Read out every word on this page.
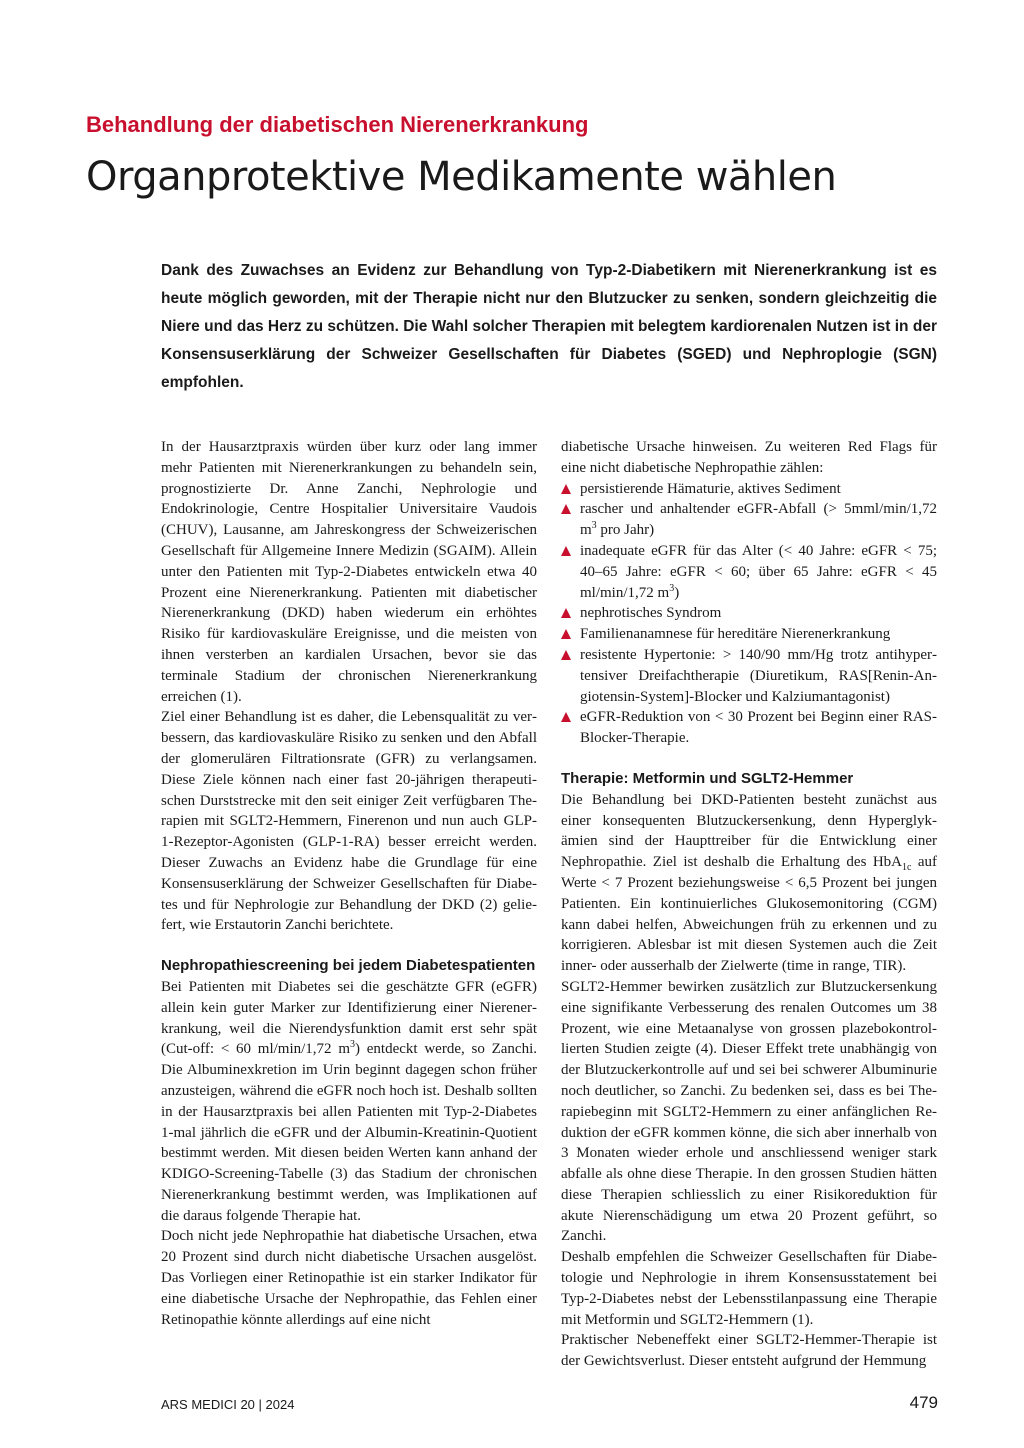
Behandlung der diabetischen Nierenerkrankung
Organprotektive Medikamente wählen

Dank des Zuwachses an Evidenz zur Behandlung von Typ-2-Diabetikern mit Nierenerkrankung ist es heute möglich geworden, mit der Therapie nicht nur den Blutzucker zu senken, sondern gleichzeitig die Niere und das Herz zu schützen. Die Wahl solcher Therapien mit belegtem kardiorenalen Nutzen ist in der Konsensuserklärung der Schweizer Gesellschaften für Diabetes (SGED) und Nephroplogie (SGN) empfohlen.

In der Hausarztpraxis würden über kurz oder lang immer mehr Patienten mit Nierenerkrankungen zu behandeln sein, prognostizierte Dr. Anne Zanchi, Nephrologie und Endokrinologie, Centre Hospitalier Universitaire Vaudois (CHUV), Lausanne, am Jahreskongress der Schweizerischen Gesellschaft für Allgemeine Innere Medizin (SGAIM). Allein unter den Patienten mit Typ-2-Diabetes entwickeln etwa 40 Prozent eine Nierenerkrankung. Patienten mit diabetischer Nierenerkrankung (DKD) haben wiederum ein erhöhtes Risiko für kardiovaskuläre Ereignisse, und die meisten von ihnen versterben an kardialen Ursachen, bevor sie das terminale Stadium der chronischen Nierenerkrankung erreichen (1).

Ziel einer Behandlung ist es daher, die Lebensqualität zu verbessern, das kardiovaskuläre Risiko zu senken und den Abfall der glomerulären Filtrationsrate (GFR) zu verlangsamen. Diese Ziele können nach einer fast 20-jährigen therapeutischen Durststrecke mit den seit einiger Zeit verfügbaren Therapien mit SGLT2-Hemmern, Finerenon und nun auch GLP-1-Rezeptor-Agonisten (GLP-1-RA) besser erreicht werden. Dieser Zuwachs an Evidenz habe die Grundlage für eine Konsensuserklärung der Schweizer Gesellschaften für Diabetes und für Nephrologie zur Behandlung der DKD (2) geliefert, wie Erstautorin Zanchi berichtete.

Nephropathiescreening bei jedem Diabetespatienten

Bei Patienten mit Diabetes sei die geschätzte GFR (eGFR) allein kein guter Marker zur Identifizierung einer Nierenerkrankung, weil die Nierendysfunktion damit erst sehr spät (Cut-off: < 60 ml/min/1,72 $m^3$) entdeckt werde, so Zanchi. Die Albuminexkretion im Urin beginnt dagegen schon früher anzusteigen, während die eGFR noch hoch ist. Deshalb sollten in der Hausarztpraxis bei allen Patienten mit Typ-2-Diabetes 1-mal jährlich die eGFR und der Albumin-Kreatinin-Quotient bestimmt werden. Mit diesen beiden Werten kann anhand der KDIGO-Screening-Tabelle (3) das Stadium der chronischen Nierenerkrankung bestimmt werden, was Implikationen auf die daraus folgende Therapie hat.

Doch nicht jede Nephropathie hat diabetische Ursachen, etwa 20 Prozent sind durch nicht diabetische Ursachen ausgelöst. Das Vorliegen einer Retinopathie ist ein starker Indikator für eine diabetische Ursache der Nephropathie, das Fehlen einer Retinopathie könnte allerdings auf eine nicht

diabetische Ursache hinweisen. Zu weiteren Red Flags für eine nicht diabetische Nephropathie zählen:

persistierende Hämaturie, aktives Sediment
rascher und anhaltender eGFR-Abfall (> 5mml/min/1,72 $m^3$ pro Jahr)
inadequate eGFR für das Alter (< 40 Jahre: eGFR < 75; 40–65 Jahre: eGFR < 60; über 65 Jahre: eGFR < 45 ml/min/1,72 $m^3$)
nephrotisches Syndrom
Familienanamnese für hereditäre Nierenerkrankung
resistente Hypertonie: > 140/90 mm/Hg trotz antihypertensiver Dreifachtherapie (Diuretikum, RAS[Renin-Angiotensin-System]-Blocker und Kalziumantagonist)
eGFR-Reduktion von < 30 Prozent bei Beginn einer RAS-Blocker-Therapie.
Therapie: Metformin und SGLT2-Hemmer

Die Behandlung bei DKD-Patienten besteht zunächst aus einer konsequenten Blutzuckersenkung, denn Hyperglykämien sind der Haupttreiber für die Entwicklung einer Nephropathie. Ziel ist deshalb die Erhaltung des HbA$_{1c}$ auf Werte < 7 Prozent beziehungsweise < 6,5 Prozent bei jungen Patienten. Ein kontinuierliches Glukosemonitoring (CGM) kann dabei helfen, Abweichungen früh zu erkennen und zu korrigieren. Ablesbar ist mit diesen Systemen auch die Zeit inner- oder ausserhalb der Zielwerte (time in range, TIR).

SGLT2-Hemmer bewirken zusätzlich zur Blutzuckersenkung eine signifikante Verbesserung des renalen Outcomes um 38 Prozent, wie eine Metaanalyse von grossen plazebokontrollierten Studien zeigte (4). Dieser Effekt trete unabhängig von der Blutzuckerkontrolle auf und sei bei schwerer Albuminurie noch deutlicher, so Zanchi. Zu bedenken sei, dass es bei Therapiebeginn mit SGLT2-Hemmern zu einer anfänglichen Reduktion der eGFR kommen könne, die sich aber innerhalb von 3 Monaten wieder erhole und anschliessend weniger stark abfalle als ohne diese Therapie. In den grossen Studien hätten diese Therapien schliesslich zu einer Risikoreduktion für akute Nierenschädigung um etwa 20 Prozent geführt, so Zanchi.

Deshalb empfehlen die Schweizer Gesellschaften für Diabetologie und Nephrologie in ihrem Konsensusstatement bei Typ-2-Diabetes nebst der Lebensstilanpassung eine Therapie mit Metformin und SGLT2-Hemmern (1).

Praktischer Nebeneffekt einer SGLT2-Hemmer-Therapie ist der Gewichtsverlust. Dieser entsteht aufgrund der Hemmung

ARS MEDICI 20 | 2024	479
